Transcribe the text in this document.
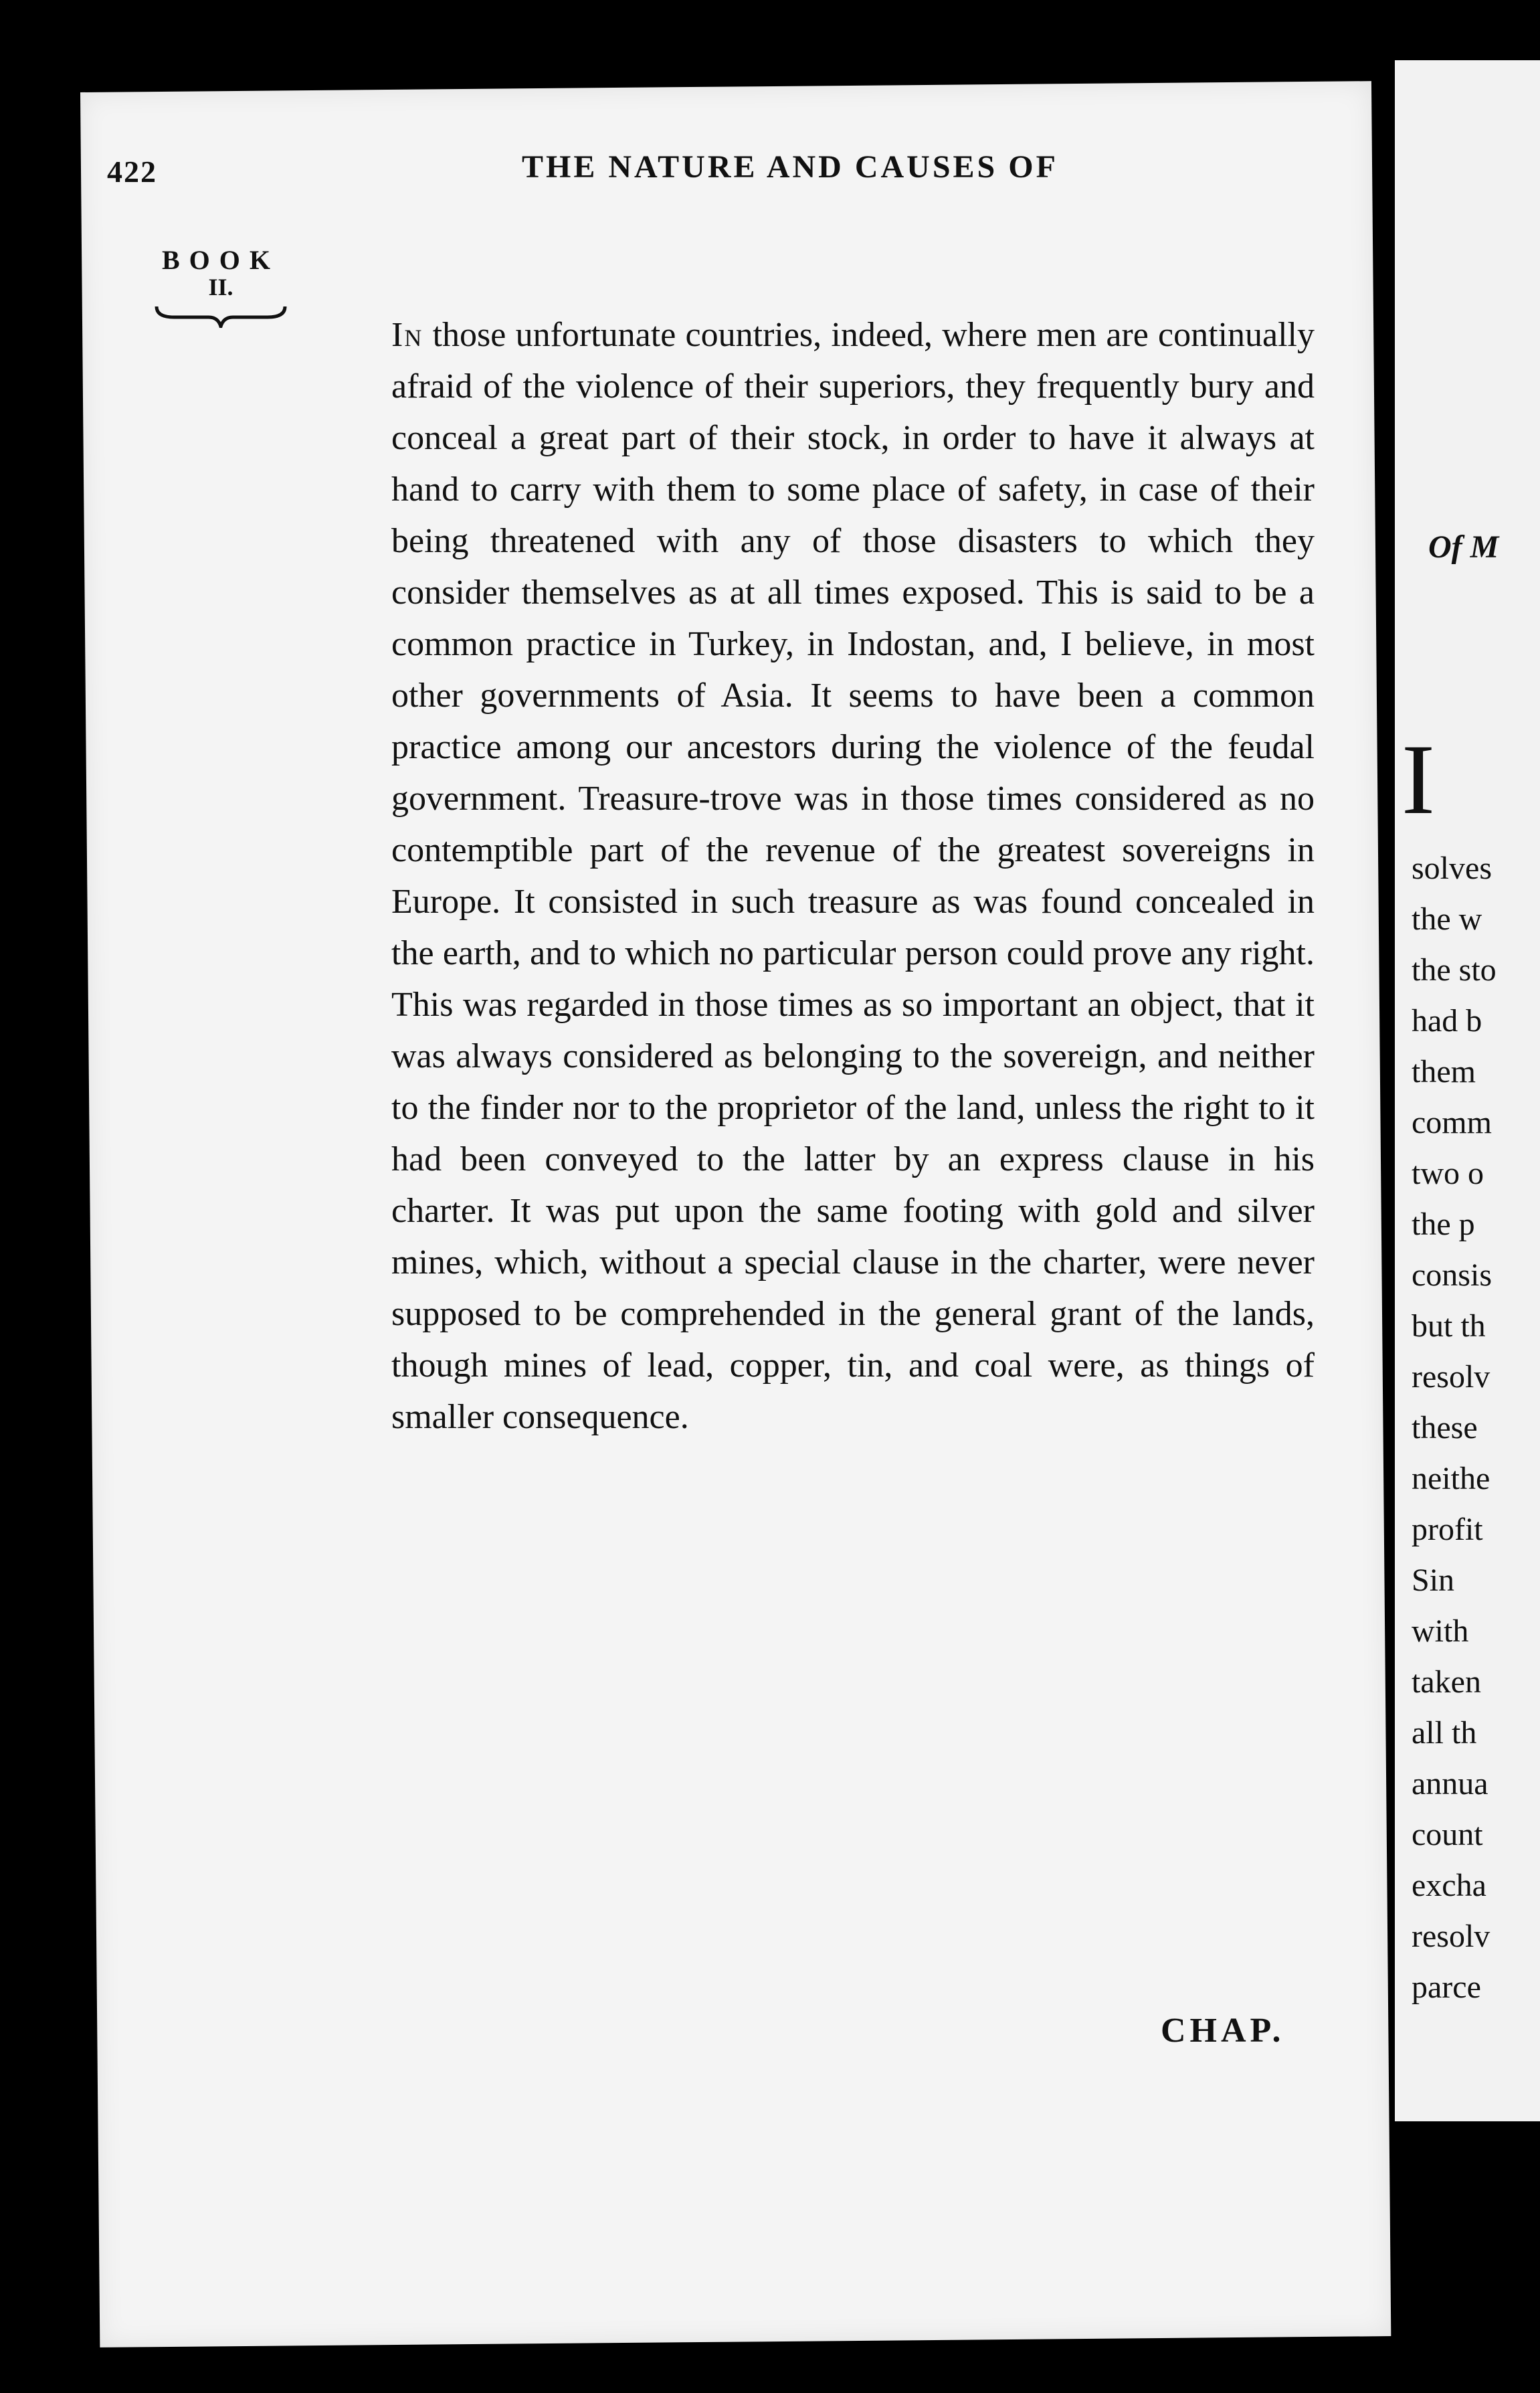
Of M
I
solves
the w
the sto
had b
them
comm
two o
the p
consis
but th
resolv
these
neithe
profit
Sin
with
taken
all th
annua
count
excha
resolv
parce
422	THE NATURE AND CAUSES OF
BOOK
II.

In those unfortunate countries, indeed, where men are continually afraid of the violence of their superiors, they frequently bury and conceal a great part of their stock, in order to have it always at hand to carry with them to some place of safety, in case of their being threatened with any of those disasters to which they consider themselves as at all times exposed. This is said to be a common practice in Turkey, in Indostan, and, I believe, in most other governments of Asia. It seems to have been a common practice among our ancestors during the violence of the feudal government. Treasure-trove was in those times considered as no contemptible part of the revenue of the greatest sovereigns in Europe. It consisted in such treasure as was found concealed in the earth, and to which no particular person could prove any right. This was regarded in those times as so important an object, that it was always considered as belonging to the sovereign, and neither to the finder nor to the proprietor of the land, unless the right to it had been conveyed to the latter by an express clause in his charter. It was put upon the same footing with gold and silver mines, which, without a special clause in the charter, were never supposed to be comprehended in the general grant of the lands, though mines of lead, copper, tin, and coal were, as things of smaller consequence.

CHAP.
